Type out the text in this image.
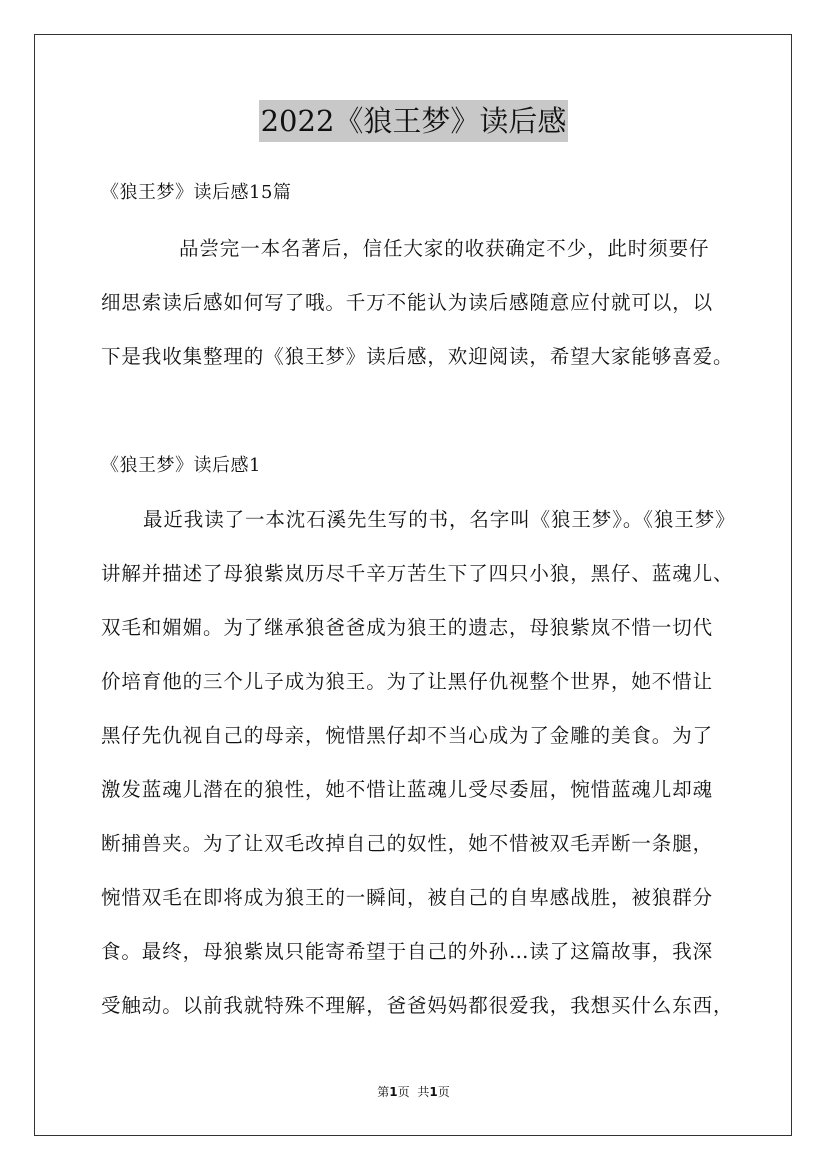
2022《狼王梦》读后感
《狼王梦》读后感15篇
品尝完一本名著后，信任大家的收获确定不少，此时须要仔
细思索读后感如何写了哦。千万不能认为读后感随意应付就可以，以
下是我收集整理的《狼王梦》读后感，欢迎阅读，希望大家能够喜爱。
《狼王梦》读后感1
最近我读了一本沈石溪先生写的书，名字叫《狼王梦》。《狼王梦》
讲解并描述了母狼紫岚历尽千辛万苦生下了四只小狼，黑仔、蓝魂儿、
双毛和媚媚。为了继承狼爸爸成为狼王的遗志，母狼紫岚不惜一切代
价培育他的三个儿子成为狼王。为了让黑仔仇视整个世界，她不惜让
黑仔先仇视自己的母亲，惋惜黑仔却不当心成为了金雕的美食。为了
激发蓝魂儿潜在的狼性，她不惜让蓝魂儿受尽委屈，惋惜蓝魂儿却魂
断捕兽夹。为了让双毛改掉自己的奴性，她不惜被双毛弄断一条腿，
惋惜双毛在即将成为狼王的一瞬间，被自己的自卑感战胜，被狼群分
食。最终，母狼紫岚只能寄希望于自己的外孙…读了这篇故事，我深
受触动。以前我就特殊不理解，爸爸妈妈都很爱我，我想买什么东西，
第1页 共1页
